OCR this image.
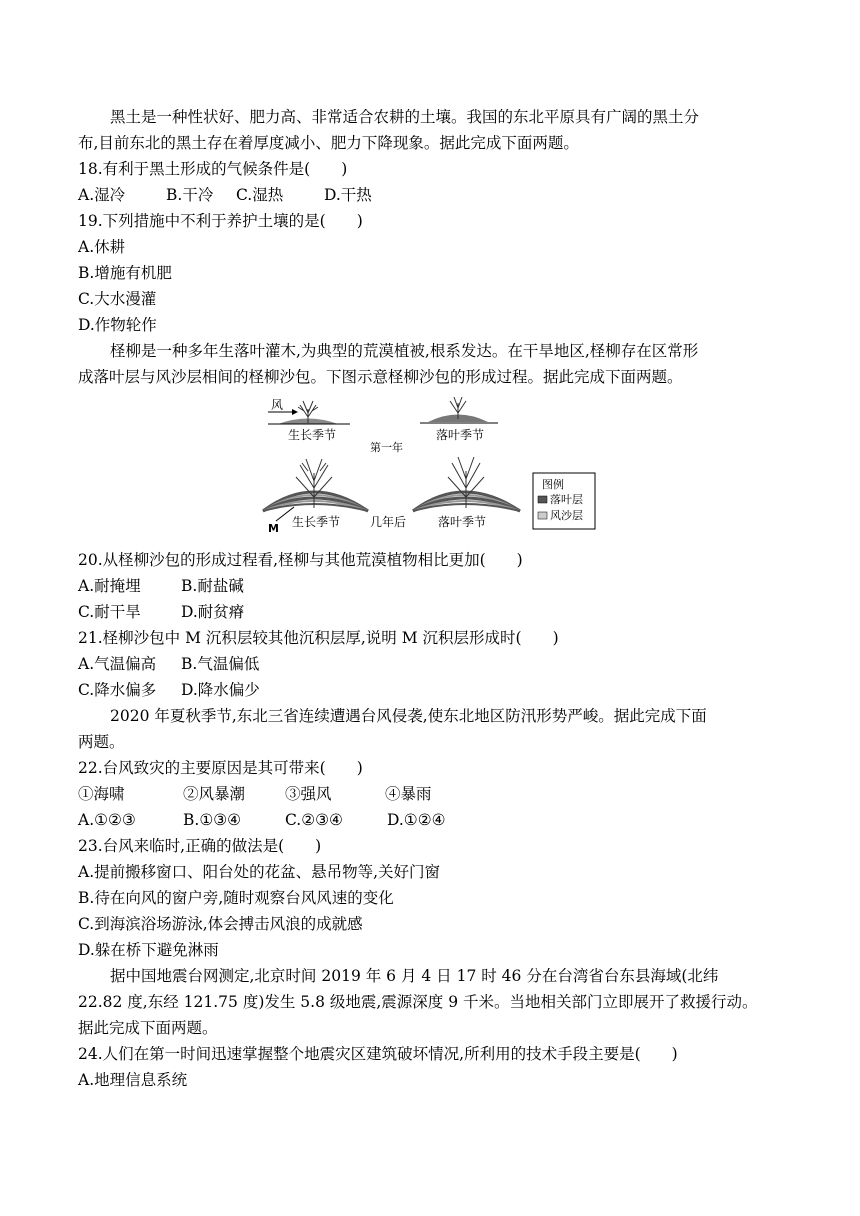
黑土是一种性状好、肥力高、非常适合农耕的土壤。我国的东北平原具有广阔的黑土分
布,目前东北的黑土存在着厚度减小、肥力下降现象。据此完成下面两题。
18.有利于黑土形成的气候条件是(　　)
A.湿冷	B.干冷 C.湿热	D.干热
19.下列措施中不利于养护土壤的是(　　)
A.休耕
B.增施有机肥
C.大水漫灌
D.作物轮作
柽柳是一种多年生落叶灌木,为典型的荒漠植被,根系发达。在干旱地区,柽柳存在区常形
成落叶层与风沙层相间的柽柳沙包。下图示意柽柳沙包的形成过程。据此完成下面两题。
风
生长季节	落叶季节
第一年
M 生长季节 几年后	落叶季节
图例
落叶层
风沙层
20.从柽柳沙包的形成过程看,柽柳与其他荒漠植物相比更加(　　)
A.耐掩埋	B.耐盐碱
C.耐干旱	D.耐贫瘠
21.柽柳沙包中 M 沉积层较其他沉积层厚,说明 M 沉积层形成时(　　)
A.气温偏高 B.气温偏低
C.降水偏多 D.降水偏少
2020 年夏秋季节,东北三省连续遭遇台风侵袭,使东北地区防汛形势严峻。据此完成下面
两题。
22.台风致灾的主要原因是其可带来(　　)
①海啸	②风暴潮	③强风	④暴雨
A.①②③	B.①③④	C.②③④	D.①②④
23.台风来临时,正确的做法是(　　)
A.提前搬移窗口、阳台处的花盆、悬吊物等,关好门窗
B.待在向风的窗户旁,随时观察台风风速的变化
C.到海滨浴场游泳,体会搏击风浪的成就感
D.躲在桥下避免淋雨
据中国地震台网测定,北京时间 2019 年 6 月 4 日 17 时 46 分在台湾省台东县海域(北纬
22.82 度,东经 121.75 度)发生 5.8 级地震,震源深度 9 千米。当地相关部门立即展开了救援行动。
据此完成下面两题。
24.人们在第一时间迅速掌握整个地震灾区建筑破坏情况,所利用的技术手段主要是(　　)
A.地理信息系统
